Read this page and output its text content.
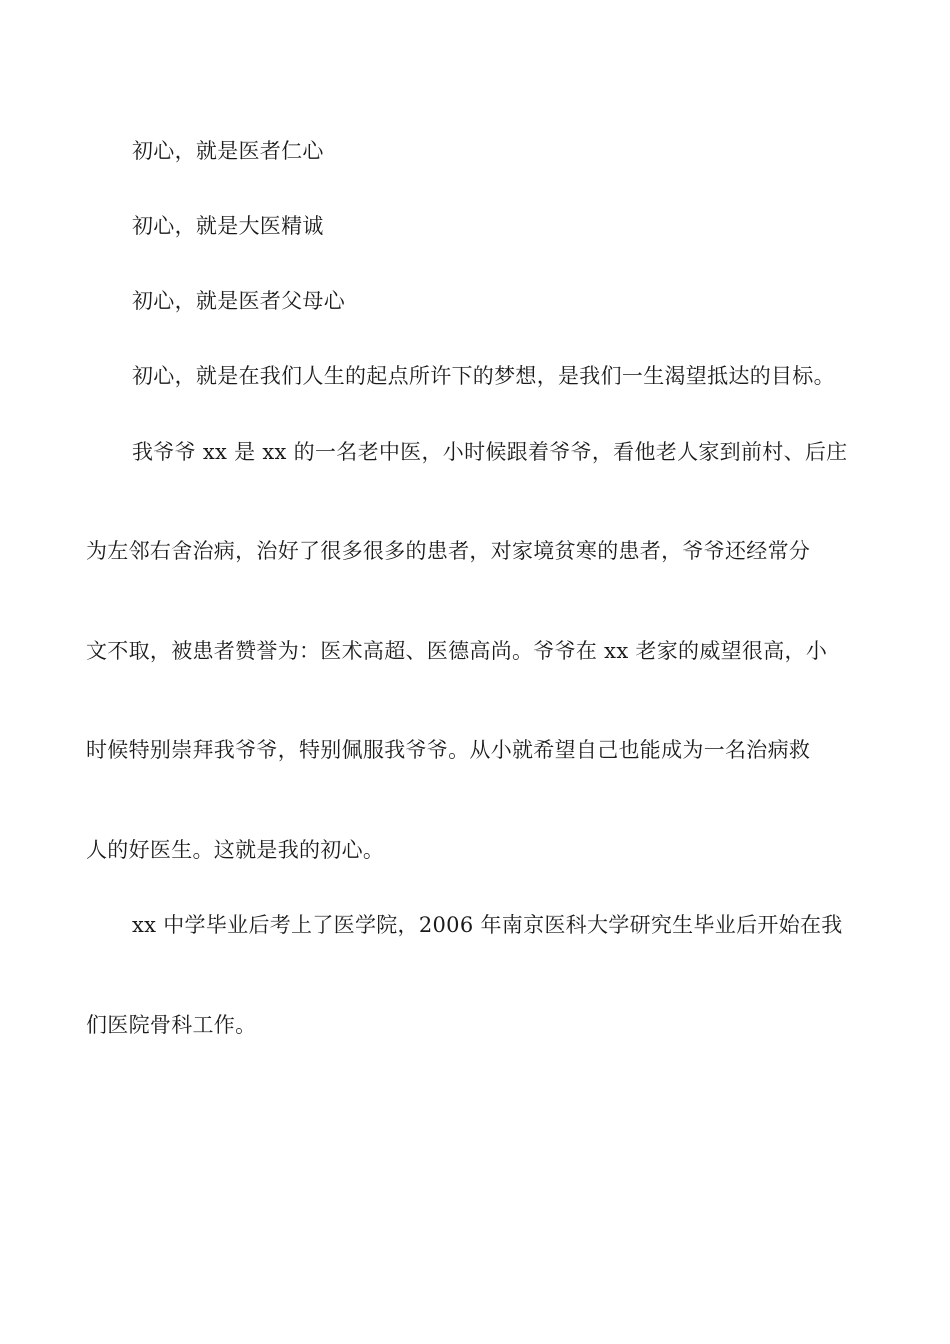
初心，就是医者仁心
初心，就是大医精诚
初心，就是医者父母心
初心，就是在我们人生的起点所许下的梦想，是我们一生渴望抵达的目标。
我爷爷 xx 是 xx 的一名老中医，小时候跟着爷爷，看他老人家到前村、后庄
为左邻右舍治病，治好了很多很多的患者，对家境贫寒的患者，爷爷还经常分
文不取，被患者赞誉为：医术高超、医德高尚。爷爷在 xx 老家的威望很高，小
时候特别崇拜我爷爷，特别佩服我爷爷。从小就希望自己也能成为一名治病救
人的好医生。这就是我的初心。
xx 中学毕业后考上了医学院，2006 年南京医科大学研究生毕业后开始在我
们医院骨科工作。
